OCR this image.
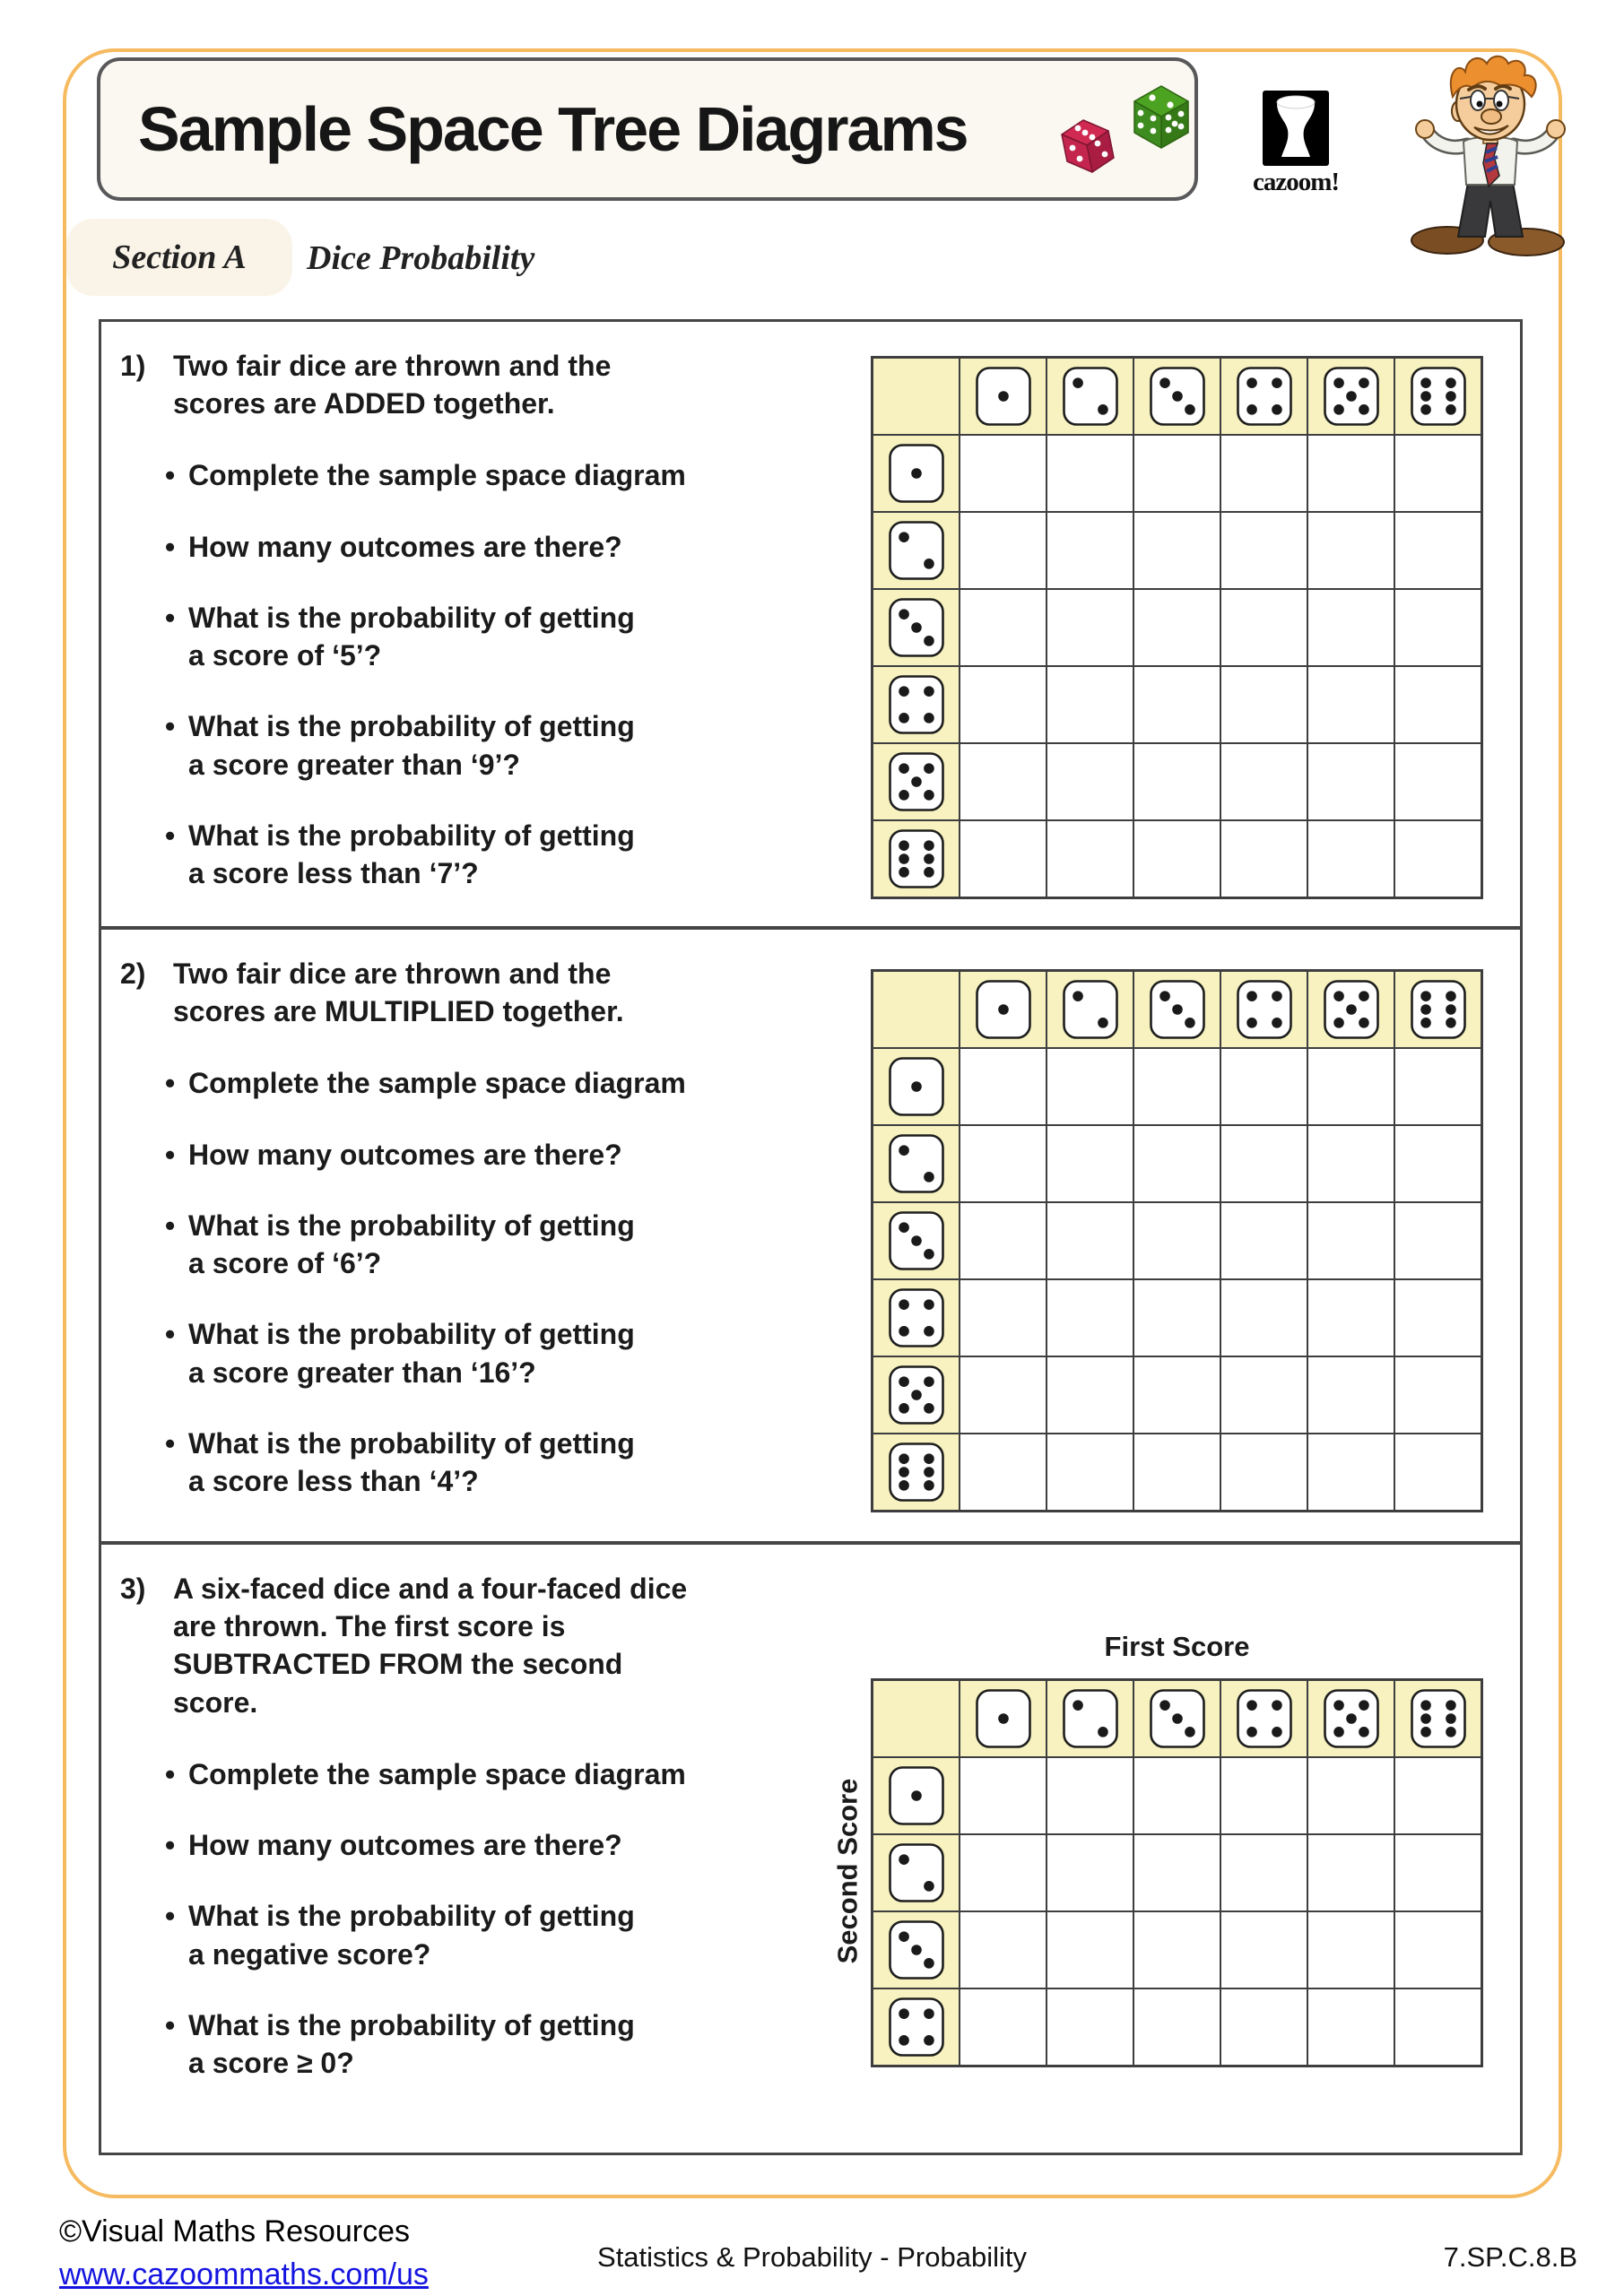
Sample Space Tree Diagrams
cazoom!
Section A Dice Probability
1) Two fair dice are thrown and the scores are ADDED together.

• Complete the sample space diagram
• How many outcomes are there?
• What is the probability of getting
a score of ‘5’?
• What is the probability of getting
a score greater than ‘9’?
• What is the probability of getting
a score less than ‘7’?
2) Two fair dice are thrown and the scores are MULTIPLIED together.

• Complete the sample space diagram
• How many outcomes are there?
• What is the probability of getting
a score of ‘6’?
• What is the probability of getting
a score greater than ‘16’?
• What is the probability of getting
a score less than ‘4’?
3) A six-faced dice and a four-faced dice are thrown. The first score is SUBTRACTED FROM the second score.

• Complete the sample space diagram
• How many outcomes are there?
• What is the probability of getting
a negative score?
• What is the probability of getting
a score ≥ 0?
First Score
Second Score
©Visual Maths Resources
www.cazoommaths.com/us
Statistics & Probability - Probability	7.SP.C.8.B
